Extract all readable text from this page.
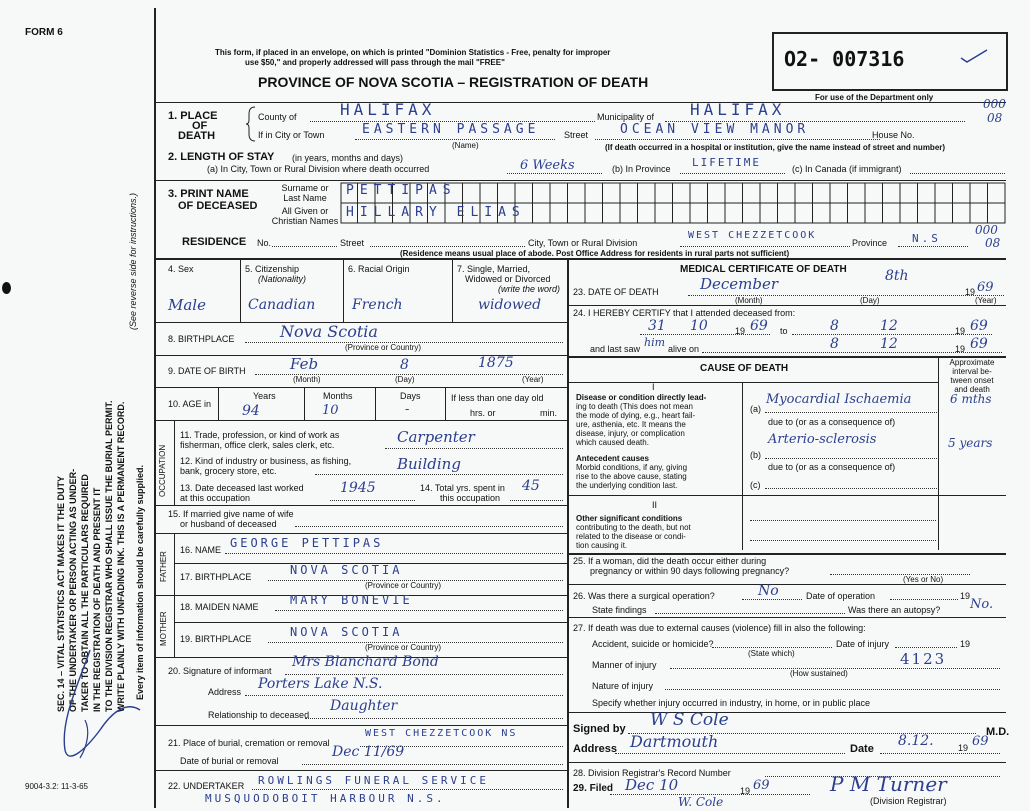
FORM 6
9004-3.2: 11-3-65
SEC. 14 – VITAL STATISTICS ACT MAKES IT THE DUTY OF THE UNDERTAKER OR PERSON ACTING AS UNDER- TAKER TO OBTAIN ALL THE PARTICULARS REQUIRED IN THE REGISTRATION OF DEATH AND PRESENT IT TO THE DIVISION REGISTRAR WHO SHALL ISSUE THE BURIAL PERMIT. WRITE PLAINLY WITH UNFADING INK. THIS IS A PERMANENT RECORD.
(See reverse side for instructions.)
Every item of information should be carefully supplied.
This form, if placed in an envelope, on which is printed "Dominion Statistics - Free, penalty for improper
use $50," and properly addressed will pass through the mail "FREE"
PROVINCE OF NOVA SCOTIA – REGISTRATION OF DEATH
O2- 007316
For use of the Department only
1. PLACE
OF
DEATH
County of	HALIFAX	Municipality of HALIFAX	000
08
If in City or Town	EASTERN PASSAGE
(Name)
Street OCEAN VIEW MANOR	House No.
(If death occurred in a hospital or institution, give the name instead of street and number)
2. LENGTH OF STAY (in years, months and days)
(a) In City, Town or Rural Division where death occurred	6 Weeks	(b) In Province LIFETIME	(c) In Canada (if immigrant)
3. PRINT NAME
OF DECEASED
Surname or
Last Name
All Given or
Christian Names
PETTIPAS
HILLARY ELIAS
RESIDENCE No.	Street	City, Town or Rural Division
WEST CHEZZETCOOK
Province N.S
000
08
(Residence means usual place of abode. Post Office Address for residents in rural parts not sufficient)
4. Sex
Male
5. Citizenship
(Nationality)
Canadian
6. Racial Origin
French
7. Single, Married,
Widowed or Divorced
(write the word)
widowed
8. BIRTHPLACE	Nova Scotia
(Province or Country)
9. DATE OF BIRTH	Feb	8	1875
(Month)	(Day)	(Year)
10. AGE in
Years
94
Months
10
Days
-
If less than one day old
hrs. or	min.
OCCUPATION
11. Trade, profession, or kind of work as
fisherman, office clerk, sales clerk, etc.	Carpenter
12. Kind of industry or business, as fishing,
bank, grocery store, etc.	Building
13. Date deceased last worked
at this occupation
1945	14. Total yrs. spent in
this occupation
45
15. If married give name of wife
or husband of deceased
FATHER
16. NAME GEORGE PETTIPAS
17. BIRTHPLACE	NOVA SCOTIA
(Province or Country)
MOTHER
18. MAIDEN NAME	MARY BONEVIE
19. BIRTHPLACE	NOVA SCOTIA
(Province or Country)
20. Signature of informant
Mrs Blanchard Bond
Address Porters Lake N.S.
Relationship to deceased
Daughter
21. Place of burial, cremation or removal
WEST CHEZZETCOOK NS
Date of burial or removal
Dec 11/69
22. UNDERTAKER ROWLINGS FUNERAL SERVICE
MUSQUODOBOIT HARBOUR N.S.
MEDICAL CERTIFICATE OF DEATH
23. DATE OF DEATH	December	8th
19 69
(Month)	(Day)	(Year)
24. I HEREBY CERTIFY that I attended deceased from:
31 10	19 69 to	8	12	19 69
and last saw him alive on	8	12	19 69
CAUSE OF DEATH
Approximate
interval be-
tween onset
and death
I
Disease or condition directly lead-
ing to death (This does not mean
the mode of dying, e.g., heart fail-
ure, asthenia, etc. It means the
disease, injury, or complication
which caused death.
(a)
Myocardial Ischaemia	6 mths
due to (or as a consequence of)
Antecedent causes
Morbid conditions, if any, giving
rise to the above cause, stating
the underlying condition last.
(b)
Arterio-sclerosis	5 years
due to (or as a consequence of)
(c)
II
Other significant conditions
contributing to the death, but not
related to the disease or condi-
tion causing it.
25. If a woman, did the death occur either during
pregnancy or within 90 days following pregnancy?
(Yes or No)
26. Was there a surgical operation?	No	Date of operation	19
State findings	Was there an autopsy? No.
27. If death was due to external causes (violence) fill in also the following:
Accident, suicide or homicide?
(State which)
Date of injury	19
Manner of injury	4123
(How sustained)
Nature of injury
Specify whether injury occurred in industry, in home, or in public place
Signed by W S Cole
M.D.
Address Dartmouth	Date 8.12.	19 69
28. Division Registrar's Record Number
29. Filed Dec 10	19 69	P M Turner
(Division Registrar)
W. Cole
